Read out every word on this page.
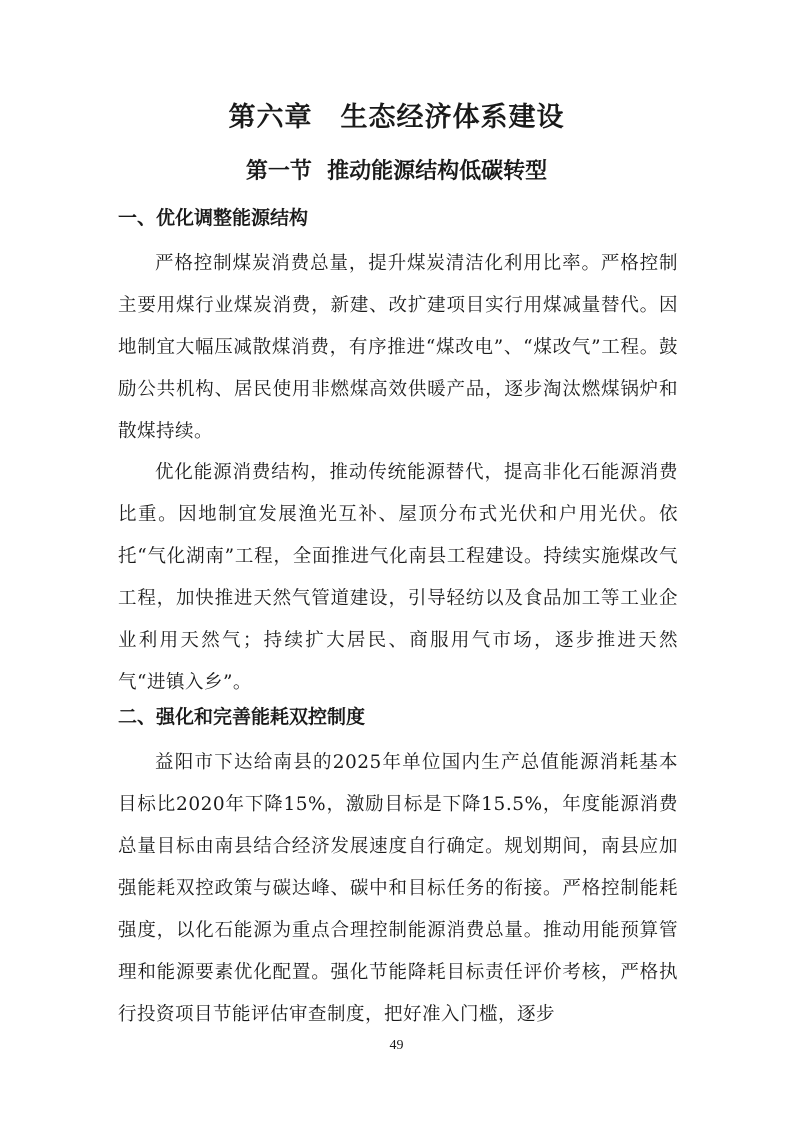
第六章　生态经济体系建设
第一节  推动能源结构低碳转型
一、优化调整能源结构
严格控制煤炭消费总量，提升煤炭清洁化利用比率。严格控制主要用煤行业煤炭消费，新建、改扩建项目实行用煤减量替代。因地制宜大幅压减散煤消费，有序推进“煤改电”、“煤改气”工程。鼓励公共机构、居民使用非燃煤高效供暖产品，逐步淘汰燃煤锅炉和散煤持续。
优化能源消费结构，推动传统能源替代，提高非化石能源消费比重。因地制宜发展渔光互补、屋顶分布式光伏和户用光伏。依托“气化湖南”工程，全面推进气化南县工程建设。持续实施煤改气工程，加快推进天然气管道建设，引导轻纺以及食品加工等工业企业利用天然气；持续扩大居民、商服用气市场，逐步推进天然气“进镇入乡”。
二、强化和完善能耗双控制度
益阳市下达给南县的2025年单位国内生产总值能源消耗基本目标比2020年下降15%，激励目标是下降15.5%，年度能源消费总量目标由南县结合经济发展速度自行确定。规划期间，南县应加强能耗双控政策与碳达峰、碳中和目标任务的衔接。严格控制能耗强度，以化石能源为重点合理控制能源消费总量。推动用能预算管理和能源要素优化配置。强化节能降耗目标责任评价考核，严格执行投资项目节能评估审查制度，把好准入门槛，逐步
49
